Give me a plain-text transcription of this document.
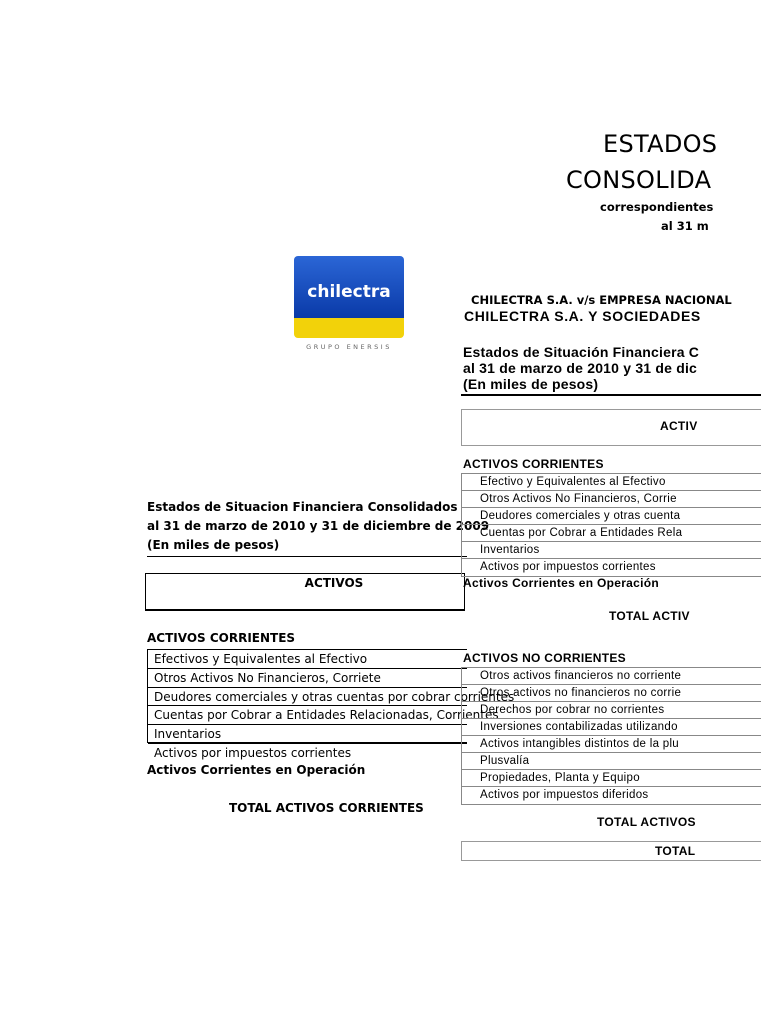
ESTADOS
CONSOLIDA
correspondientes
al 31 m
chilectra
GRUPO ENERSIS
Estados de Situacion Financiera Consolidados
al 31 de marzo de 2010 y 31 de diciembre de 2009
(En miles de pesos)
ACTIVOS
ACTIVOS CORRIENTES
Efectivos y Equivalentes al Efectivo
Otros Activos No Financieros, Corriete
Deudores comerciales y otras cuentas por cobrar corrientes
Cuentas por Cobrar a Entidades Relacionadas, Corrientes
Inventarios
Activos por impuestos corrientes
Activos Corrientes en Operación
TOTAL ACTIVOS CORRIENTES
CHILECTRA S.A. v/s EMPRESA NACIONAL
CHILECTRA S.A. Y SOCIEDADES
Estados de Situación Financiera C
al 31 de marzo de 2010 y 31 de dic
(En miles de pesos)
ACTIV
ACTIVOS CORRIENTES
Efectivo y Equivalentes al Efectivo
Otros Activos No Financieros, Corrie
Deudores comerciales y otras cuenta
Cuentas por Cobrar a Entidades Rela
Inventarios
Activos por impuestos corrientes
Activos Corrientes en Operación
TOTAL ACTIV
ACTIVOS NO CORRIENTES
Otros activos financieros no corriente
Otros activos no financieros no corrie
Derechos por cobrar no corrientes
Inversiones contabilizadas utilizando
Activos intangibles distintos de la plu
Plusvalía
Propiedades, Planta y Equipo
Activos por impuestos diferidos
TOTAL ACTIVOS
TOTAL
